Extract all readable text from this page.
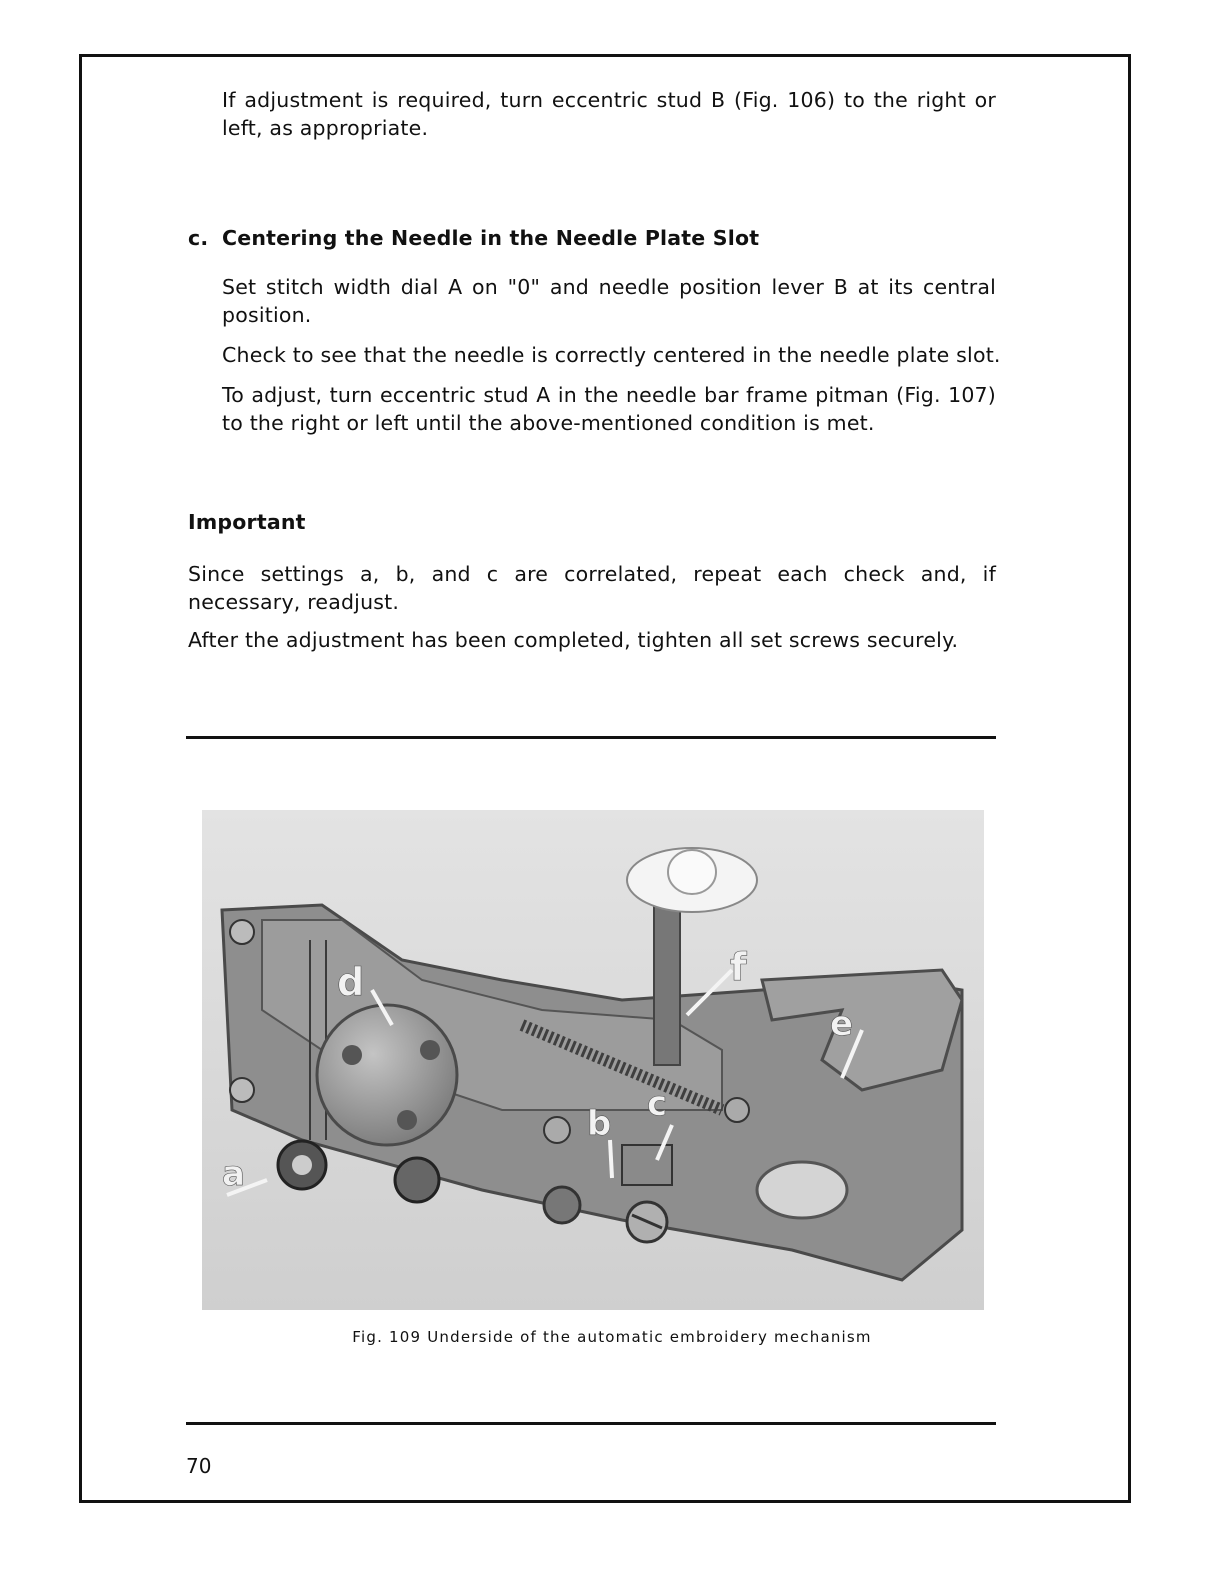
If adjustment is required, turn eccentric stud B (Fig. 106) to the right or left, as appropriate.
c. Centering the Needle in the Needle Plate Slot
Set stitch width dial A on "0" and needle position lever B at its central position.
Check to see that the needle is correctly centered in the needle plate slot.
To adjust, turn eccentric stud A in the needle bar frame pitman (Fig. 107) to the right or left until the above-mentioned condition is met.
Important
Since settings a, b, and c are correlated, repeat each check and, if necessary, readjust.
After the adjustment has been completed, tighten all set screws securely.
a
b c
d
e
f
Fig. 109 Underside of the automatic embroidery mechanism
70
